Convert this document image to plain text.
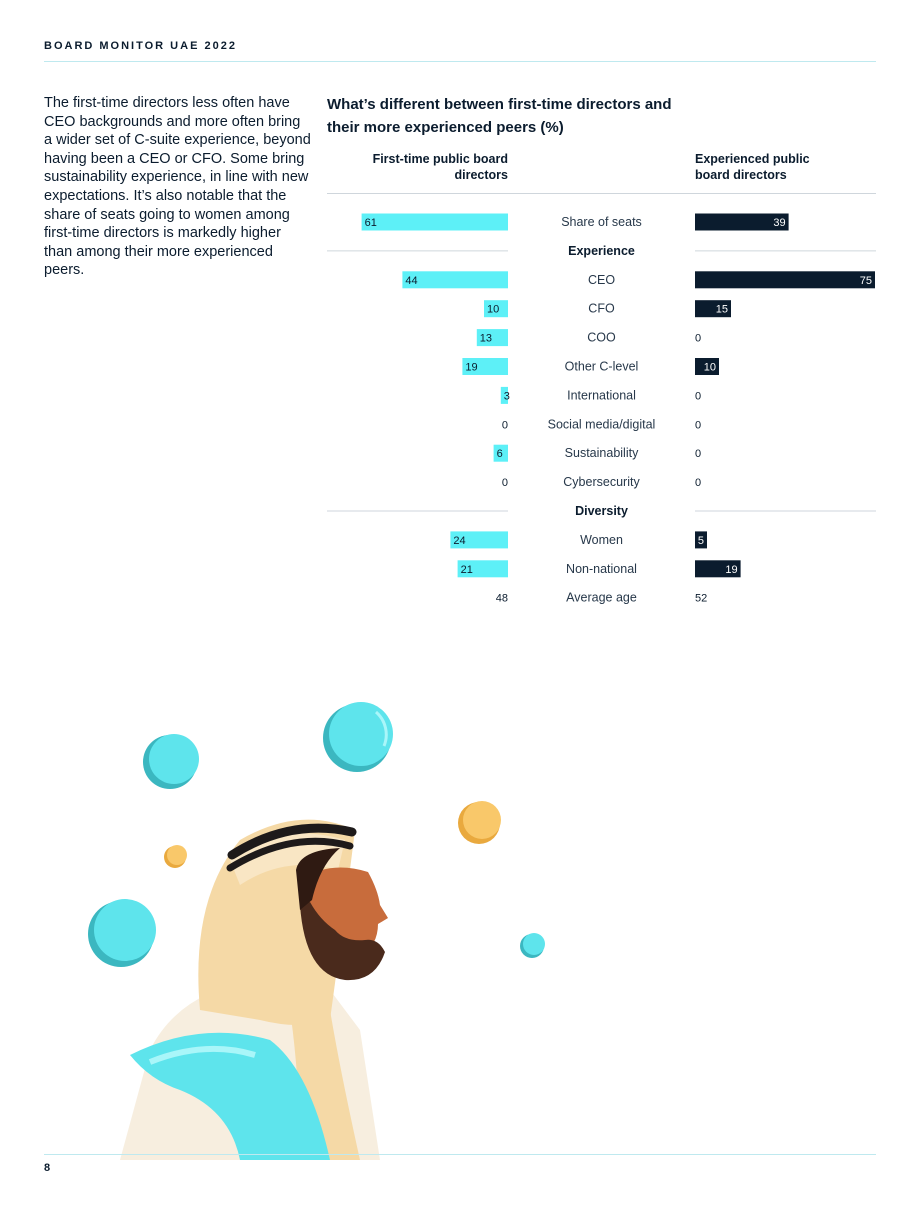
BOARD MONITOR UAE 2022
The first-time directors less often have CEO backgrounds and more often bring a wider set of C-suite experience, beyond having been a CEO or CFO. Some bring sustainability experience, in line with new expectations. It’s also notable that the share of seats going to women among first-time directors is markedly higher than among their more experienced peers.
What’s different between first-time directors and their more experienced peers (%)
First-time public board directors
Experienced public board directors
Share of seats
61	39
Experience
CEO
44	75
CFO
10	15
COO
13	0
Other C-level
19	10
International
3	0
Social media/digital
0	0
Sustainability
6	0
Cybersecurity
0	0
Diversity
Women
24	5
Non-national
21	19
Average age
48	52
8
